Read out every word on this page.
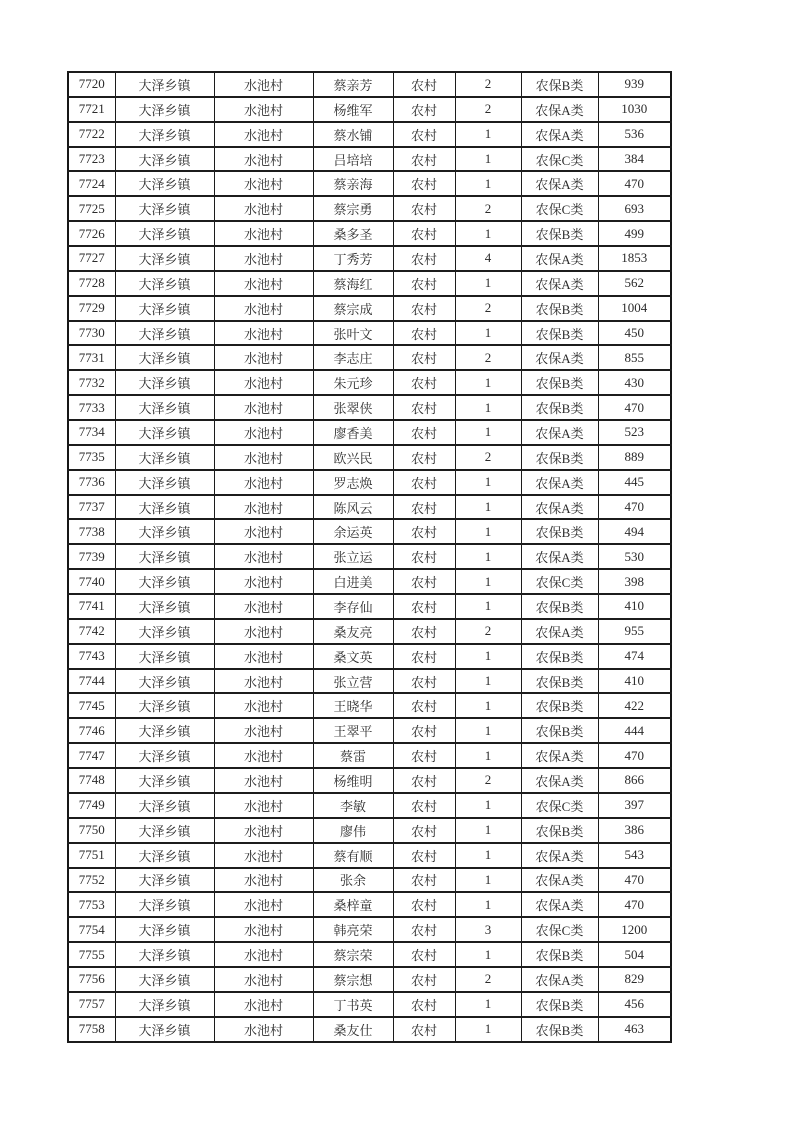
7720	大泽乡镇	水池村	蔡亲芳	农村	2	农保B类	939
7721	大泽乡镇	水池村	杨维军	农村	2	农保A类	1030
7722	大泽乡镇	水池村	蔡水铺	农村	1	农保A类	536
7723	大泽乡镇	水池村	吕培培	农村	1	农保C类	384
7724	大泽乡镇	水池村	蔡亲海	农村	1	农保A类	470
7725	大泽乡镇	水池村	蔡宗勇	农村	2	农保C类	693
7726	大泽乡镇	水池村	桑多圣	农村	1	农保B类	499
7727	大泽乡镇	水池村	丁秀芳	农村	4	农保A类	1853
7728	大泽乡镇	水池村	蔡海红	农村	1	农保A类	562
7729	大泽乡镇	水池村	蔡宗成	农村	2	农保B类	1004
7730	大泽乡镇	水池村	张叶文	农村	1	农保B类	450
7731	大泽乡镇	水池村	李志庄	农村	2	农保A类	855
7732	大泽乡镇	水池村	朱元珍	农村	1	农保B类	430
7733	大泽乡镇	水池村	张翠侠	农村	1	农保B类	470
7734	大泽乡镇	水池村	廖香美	农村	1	农保A类	523
7735	大泽乡镇	水池村	欧兴民	农村	2	农保B类	889
7736	大泽乡镇	水池村	罗志焕	农村	1	农保A类	445
7737	大泽乡镇	水池村	陈风云	农村	1	农保A类	470
7738	大泽乡镇	水池村	余运英	农村	1	农保B类	494
7739	大泽乡镇	水池村	张立运	农村	1	农保A类	530
7740	大泽乡镇	水池村	白进美	农村	1	农保C类	398
7741	大泽乡镇	水池村	李存仙	农村	1	农保B类	410
7742	大泽乡镇	水池村	桑友亮	农村	2	农保A类	955
7743	大泽乡镇	水池村	桑文英	农村	1	农保B类	474
7744	大泽乡镇	水池村	张立营	农村	1	农保B类	410
7745	大泽乡镇	水池村	王晓华	农村	1	农保B类	422
7746	大泽乡镇	水池村	王翠平	农村	1	农保B类	444
7747	大泽乡镇	水池村	蔡雷	农村	1	农保A类	470
7748	大泽乡镇	水池村	杨维明	农村	2	农保A类	866
7749	大泽乡镇	水池村	李敏	农村	1	农保C类	397
7750	大泽乡镇	水池村	廖伟	农村	1	农保B类	386
7751	大泽乡镇	水池村	蔡有顺	农村	1	农保A类	543
7752	大泽乡镇	水池村	张余	农村	1	农保A类	470
7753	大泽乡镇	水池村	桑梓童	农村	1	农保A类	470
7754	大泽乡镇	水池村	韩亮荣	农村	3	农保C类	1200
7755	大泽乡镇	水池村	蔡宗荣	农村	1	农保B类	504
7756	大泽乡镇	水池村	蔡宗想	农村	2	农保A类	829
7757	大泽乡镇	水池村	丁书英	农村	1	农保B类	456
7758	大泽乡镇	水池村	桑友仕	农村	1	农保B类	463
